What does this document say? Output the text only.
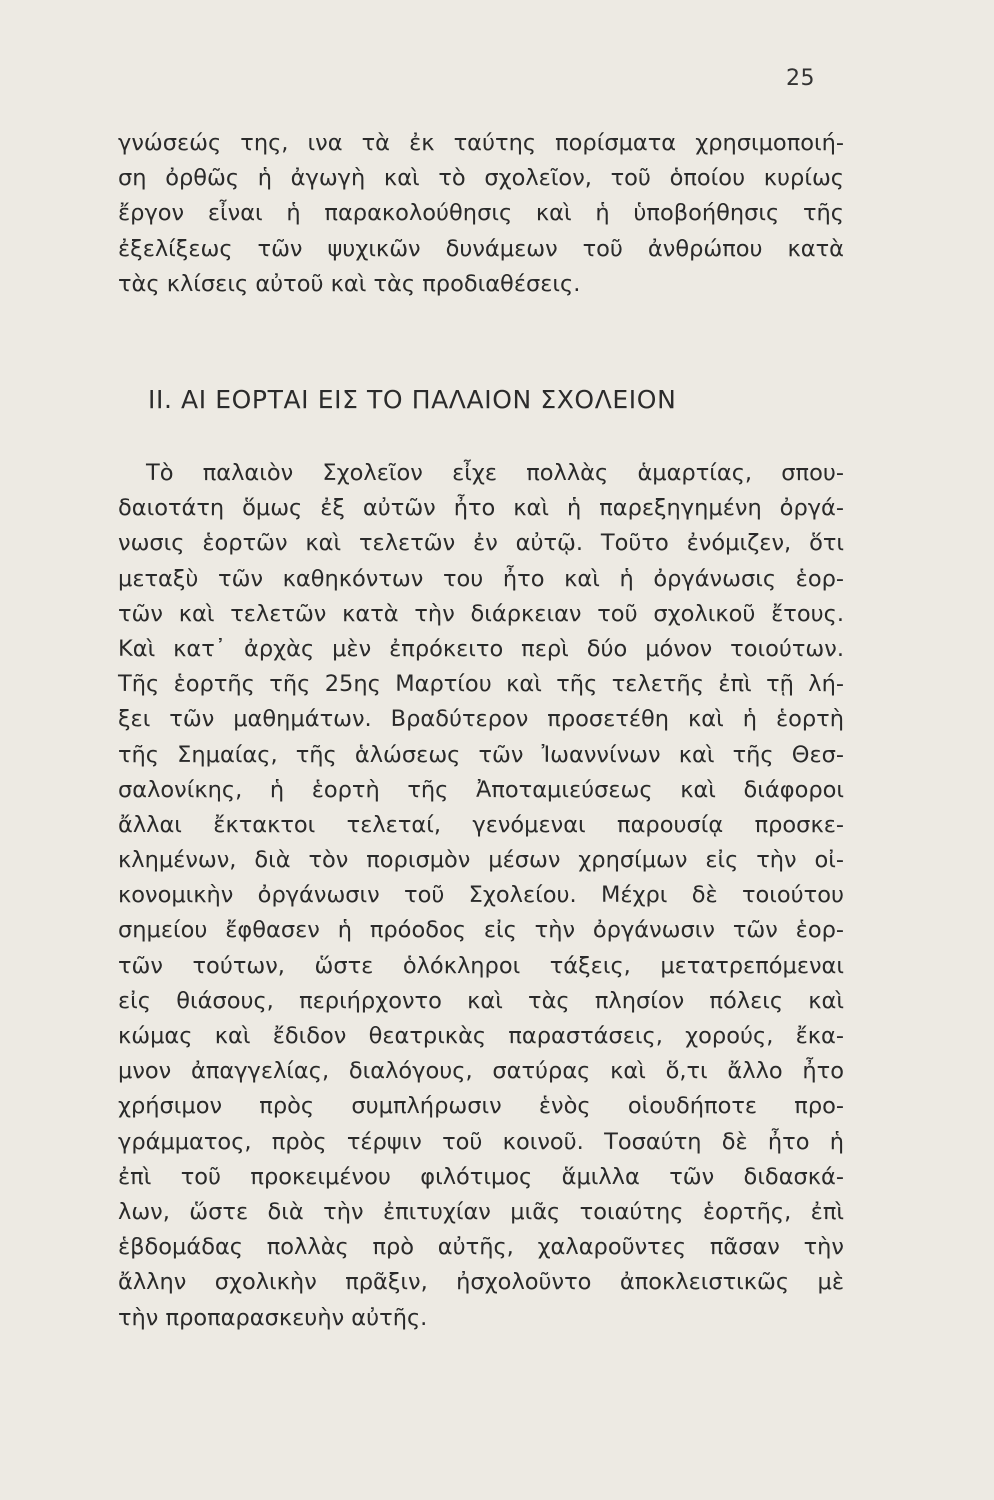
25
γνώσεώς της, ινα τὰ ἐκ ταύτης πορίσματα χρησιμοποιή-
ση ὀρθῶς ἡ ἀγωγὴ καὶ τὸ σχολεῖον, τοῦ ὁποίου κυρίως
ἔργον εἶναι ἡ παρακολούθησις καὶ ἡ ὑποβοήθησις τῆς
ἐξελίξεως τῶν ψυχικῶν δυνάμεων τοῦ ἀνθρώπου κατὰ
τὰς κλίσεις αὐτοῦ καὶ τὰς προδιαθέσεις.
ΙΙ. ΑΙ ΕΟΡΤΑΙ ΕΙΣ ΤΟ ΠΑΛΑΙΟΝ ΣΧΟΛΕΙΟΝ
Τὸ παλαιὸν Σχολεῖον εἶχε πολλὰς ἁμαρτίας, σπου-
δαιοτάτη ὅμως ἐξ αὐτῶν ἦτο καὶ ἡ παρεξηγημένη ὀργά-
νωσις ἑορτῶν καὶ τελετῶν ἐν αὐτῷ. Τοῦτο ἐνόμιζεν, ὅτι
μεταξὺ τῶν καθηκόντων του ἦτο καὶ ἡ ὀργάνωσις ἑορ-
τῶν καὶ τελετῶν κατὰ τὴν διάρκειαν τοῦ σχολικοῦ ἔτους.
Καὶ κατ᾽ ἀρχὰς μὲν ἐπρόκειτο περὶ δύο μόνον τοιούτων.
Τῆς ἑορτῆς τῆς 25ης Μαρτίου καὶ τῆς τελετῆς ἐπὶ τῇ λή-
ξει τῶν μαθημάτων. Βραδύτερον προσετέθη καὶ ἡ ἑορτὴ
τῆς Σημαίας, τῆς ἁλώσεως τῶν Ἰωαννίνων καὶ τῆς Θεσ-
σαλονίκης, ἡ ἑορτὴ τῆς Ἀποταμιεύσεως καὶ διάφοροι
ἄλλαι ἔκτακτοι τελεταί, γενόμεναι παρουσίᾳ προσκε-
κλημένων, διὰ τὸν πορισμὸν μέσων χρησίμων εἰς τὴν οἰ-
κονομικὴν ὀργάνωσιν τοῦ Σχολείου. Μέχρι δὲ τοιούτου
σημείου ἔφθασεν ἡ πρόοδος εἰς τὴν ὀργάνωσιν τῶν ἑορ-
τῶν τούτων, ὥστε ὁλόκληροι τάξεις, μετατρεπόμεναι
εἰς θιάσους, περιήρχοντο καὶ τὰς πλησίον πόλεις καὶ
κώμας καὶ ἔδιδον θεατρικὰς παραστάσεις, χορούς, ἔκα-
μνον ἀπαγγελίας, διαλόγους, σατύρας καὶ ὅ,τι ἄλλο ἦτο
χρήσιμον πρὸς συμπλήρωσιν ἑνὸς οἱουδήποτε προ-
γράμματος, πρὸς τέρψιν τοῦ κοινοῦ. Τοσαύτη δὲ ἦτο ἡ
ἐπὶ τοῦ προκειμένου φιλότιμος ἅμιλλα τῶν διδασκά-
λων, ὥστε διὰ τὴν ἐπιτυχίαν μιᾶς τοιαύτης ἑορτῆς, ἐπὶ
ἑβδομάδας πολλὰς πρὸ αὐτῆς, χαλαροῦντες πᾶσαν τὴν
ἄλλην σχολικὴν πρᾶξιν, ἠσχολοῦντο ἀποκλειστικῶς μὲ
τὴν προπαρασκευὴν αὐτῆς.
